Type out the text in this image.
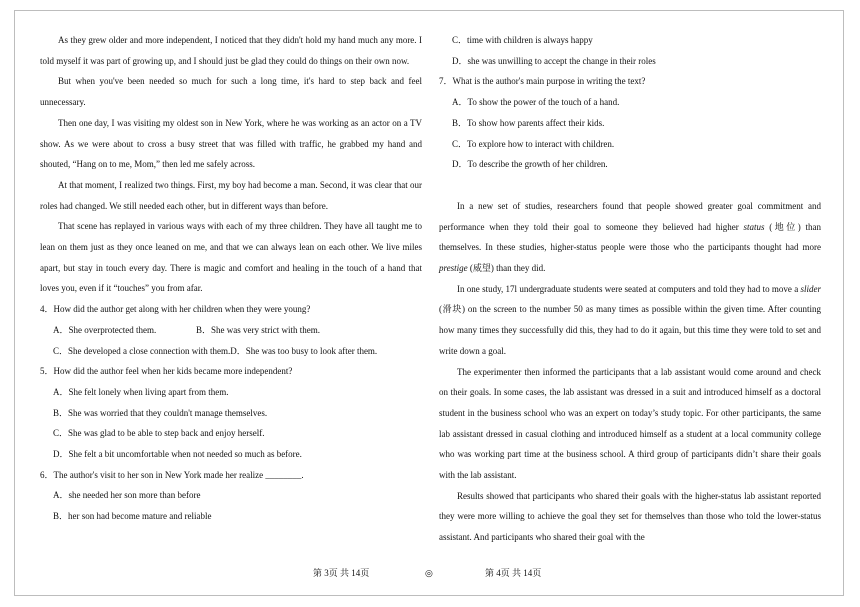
As they grew older and more independent, I noticed that they didn't hold my hand much any more. I told myself it was part of growing up, and I should just be glad they could do things on their own now.

But when you've been needed so much for such a long time, it's hard to step back and feel unnecessary.

Then one day, I was visiting my oldest son in New York, where he was working as an actor on a TV show. As we were about to cross a busy street that was filled with traffic, he grabbed my hand and shouted, “Hang on to me, Mom,” then led me safely across.

At that moment, I realized two things. First, my boy had become a man. Second, it was clear that our roles had changed. We still needed each other, but in different ways than before.

That scene has replayed in various ways with each of my three children. They have all taught me to lean on them just as they once leaned on me, and that we can always lean on each other. We live miles apart, but stay in touch every day. There is magic and comfort and healing in the touch of a hand that loves you, even if it “touches” you from afar.

4．How did the author get along with her children when they were young?

A．She overprotected them.	B．She was very strict with them.

C．She developed a close connection with them.D．She was too busy to look after them.

5．How did the author feel when her kids became more independent?

A．She felt lonely when living apart from them.

B．She was worried that they couldn't manage themselves.

C．She was glad to be able to step back and enjoy herself.

D．She felt a bit uncomfortable when not needed so much as before.

6．The author's visit to her son in New York made her realize ________.

A．she needed her son more than before

B．her son had become mature and reliable

C．time with children is always happy

D．she was unwilling to accept the change in their roles

7．What is the author's main purpose in writing the text?

A．To show the power of the touch of a hand.

B．To show how parents affect their kids.

C．To explore how to interact with children.

D．To describe the growth of her children.

In a new set of studies, researchers found that people showed greater goal commitment and performance when they told their goal to someone they believed had higher status (地位) than themselves. In these studies, higher-status people were those who the participants thought had more prestige (威望) than they did.

In one study, 17l undergraduate students were seated at computers and told they had to move a slider (滑块) on the screen to the number 50 as many times as possible within the given time. After counting how many times they successfully did this, they had to do it again, but this time they were told to set and write down a goal.

The experimenter then informed the participants that a lab assistant would come around and check on their goals. In some cases, the lab assistant was dressed in a suit and introduced himself as a doctoral student in the business school who was an expert on today’s study topic. For other participants, the same lab assistant dressed in casual clothing and introduced himself as a student at a local community college who was working part time at the business school. A third group of participants didn’t share their goals with the lab assistant.

Results showed that participants who shared their goals with the higher-status lab assistant reported they were more willing to achieve the goal they set for themselves than those who told the lower-status assistant. And participants who shared their goal with the

第 3页 共 14页	◎	第 4页 共 14页
